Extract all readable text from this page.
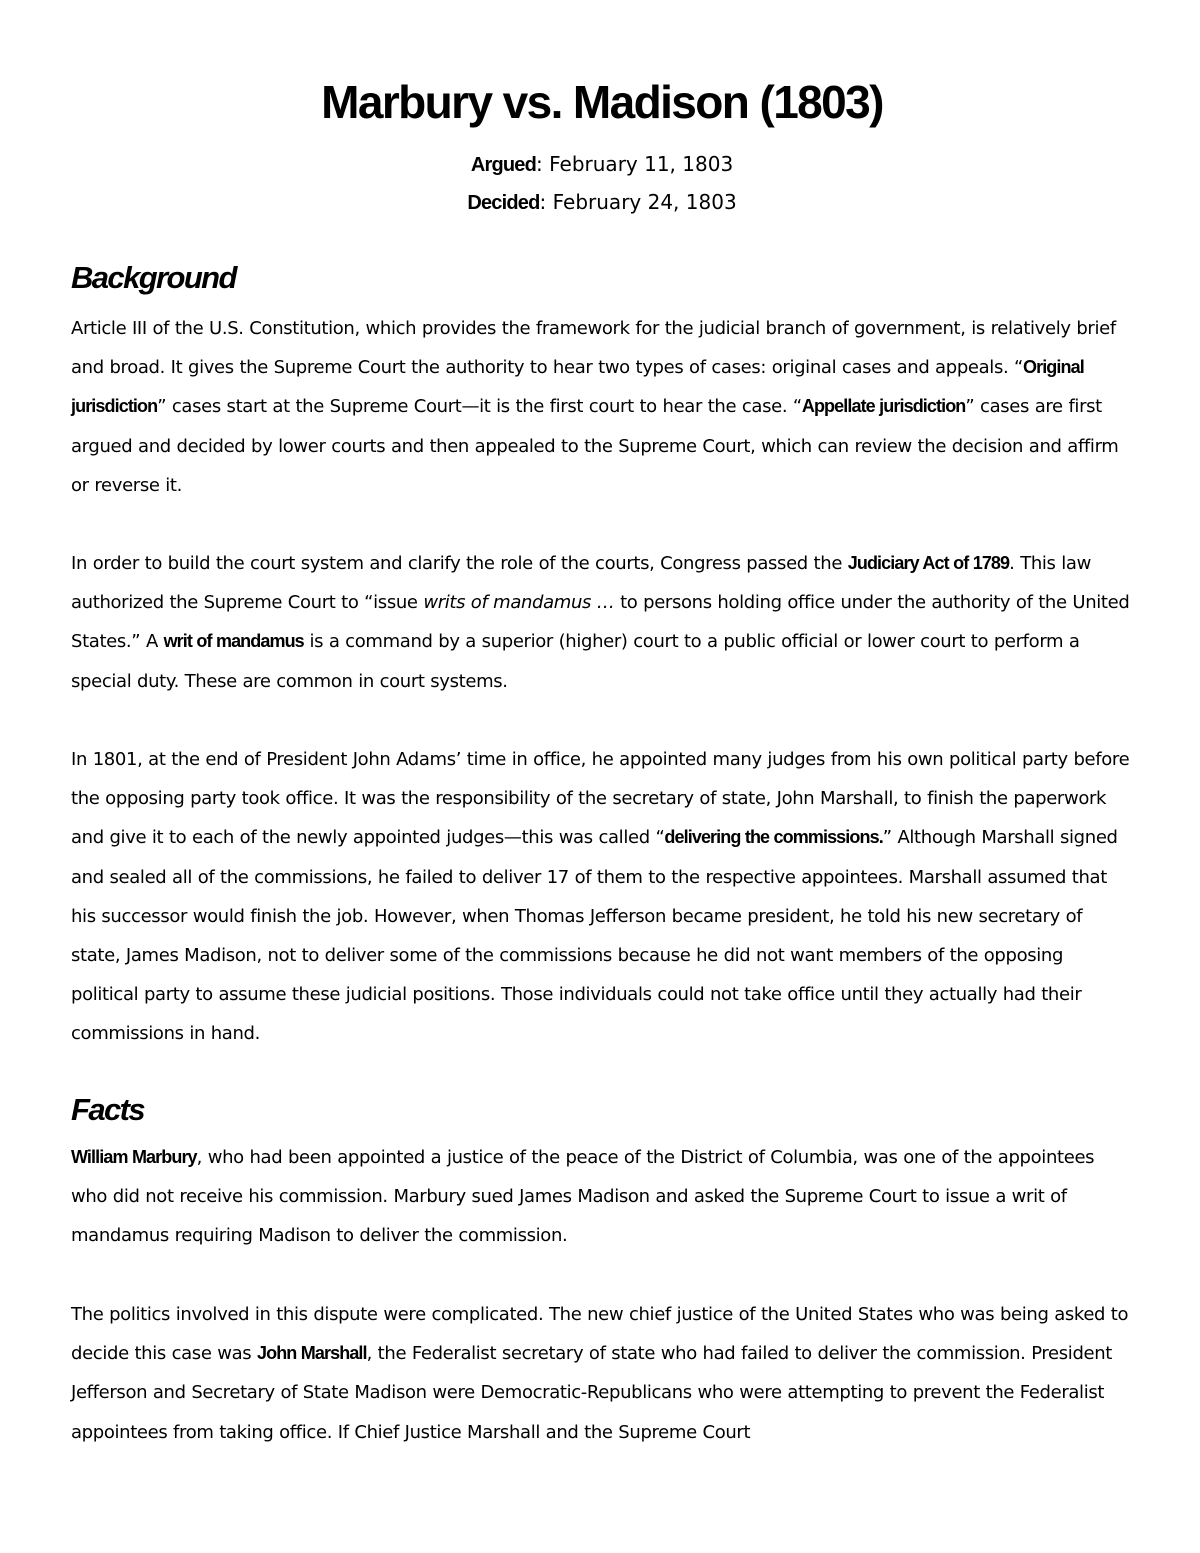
Marbury vs. Madison (1803)
Argued: February 11, 1803
Decided: February 24, 1803
Background

Article III of the U.S. Constitution, which provides the framework for the judicial branch of government, is relatively brief and broad. It gives the Supreme Court the authority to hear two types of cases: original cases and appeals. “Original jurisdiction” cases start at the Supreme Court—it is the first court to hear the case. “Appellate jurisdiction” cases are first argued and decided by lower courts and then appealed to the Supreme Court, which can review the decision and affirm or reverse it.

In order to build the court system and clarify the role of the courts, Congress passed the Judiciary Act of 1789. This law authorized the Supreme Court to “issue writs of mandamus … to persons holding office under the authority of the United States.” A writ of mandamus is a command by a superior (higher) court to a public official or lower court to perform a special duty. These are common in court systems.

In 1801, at the end of President John Adams’ time in office, he appointed many judges from his own political party before the opposing party took office. It was the responsibility of the secretary of state, John Marshall, to finish the paperwork and give it to each of the newly appointed judges—this was called “delivering the commissions.” Although Marshall signed and sealed all of the commissions, he failed to deliver 17 of them to the respective appointees. Marshall assumed that his successor would finish the job. However, when Thomas Jefferson became president, he told his new secretary of state, James Madison, not to deliver some of the commissions because he did not want members of the opposing political party to assume these judicial positions. Those individuals could not take office until they actually had their commissions in hand.

Facts

William Marbury, who had been appointed a justice of the peace of the District of Columbia, was one of the appointees who did not receive his commission. Marbury sued James Madison and asked the Supreme Court to issue a writ of mandamus requiring Madison to deliver the commission.

The politics involved in this dispute were complicated. The new chief justice of the United States who was being asked to decide this case was John Marshall, the Federalist secretary of state who had failed to deliver the commission. President Jefferson and Secretary of State Madison were Democratic-Republicans who were attempting to prevent the Federalist appointees from taking office. If Chief Justice Marshall and the Supreme Court
